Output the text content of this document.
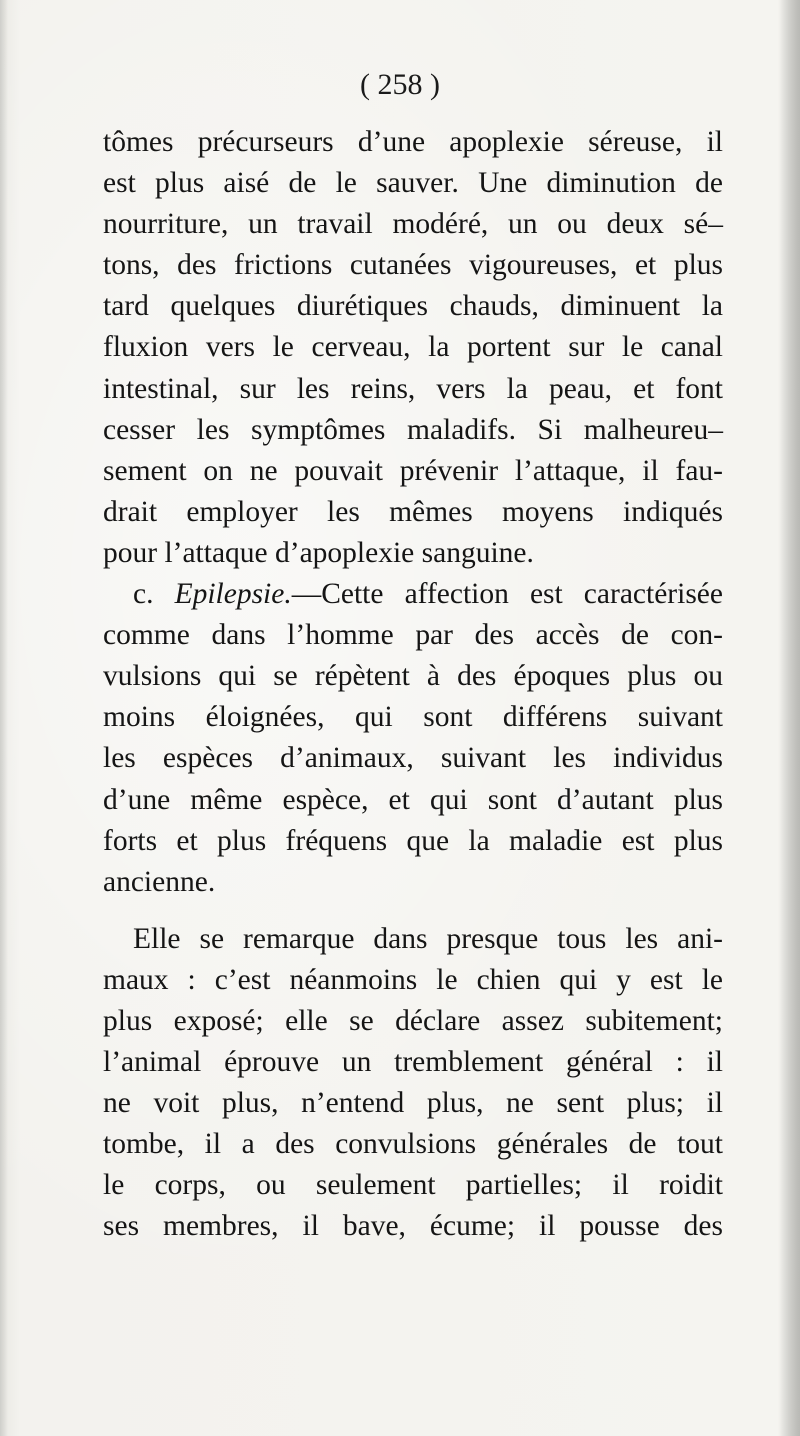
( 258 )
tômes précurseurs d’une apoplexie séreuse, il
est plus aisé de le sauver. Une diminution de
nourriture, un travail modéré, un ou deux sé–
tons, des frictions cutanées vigoureuses, et plus
tard quelques diurétiques chauds, diminuent la
fluxion vers le cerveau, la portent sur le canal
intestinal, sur les reins, vers la peau, et font
cesser les symptômes maladifs. Si malheureu–
sement on ne pouvait prévenir l’attaque, il fau-
drait employer les mêmes moyens indiqués
pour l’attaque d’apoplexie sanguine.
c. Epilepsie.—Cette affection est caractérisée
comme dans l’homme par des accès de con-
vulsions qui se répètent à des époques plus ou
moins éloignées, qui sont différens suivant
les espèces d’animaux, suivant les individus
d’une même espèce, et qui sont d’autant plus
forts et plus fréquens que la maladie est plus
ancienne.
Elle se remarque dans presque tous les ani-
maux : c’est néanmoins le chien qui y est le
plus exposé; elle se déclare assez subitement;
l’animal éprouve un tremblement général : il
ne voit plus, n’entend plus, ne sent plus; il
tombe, il a des convulsions générales de tout
le corps, ou seulement partielles; il roidit
ses membres, il bave, écume; il pousse des
